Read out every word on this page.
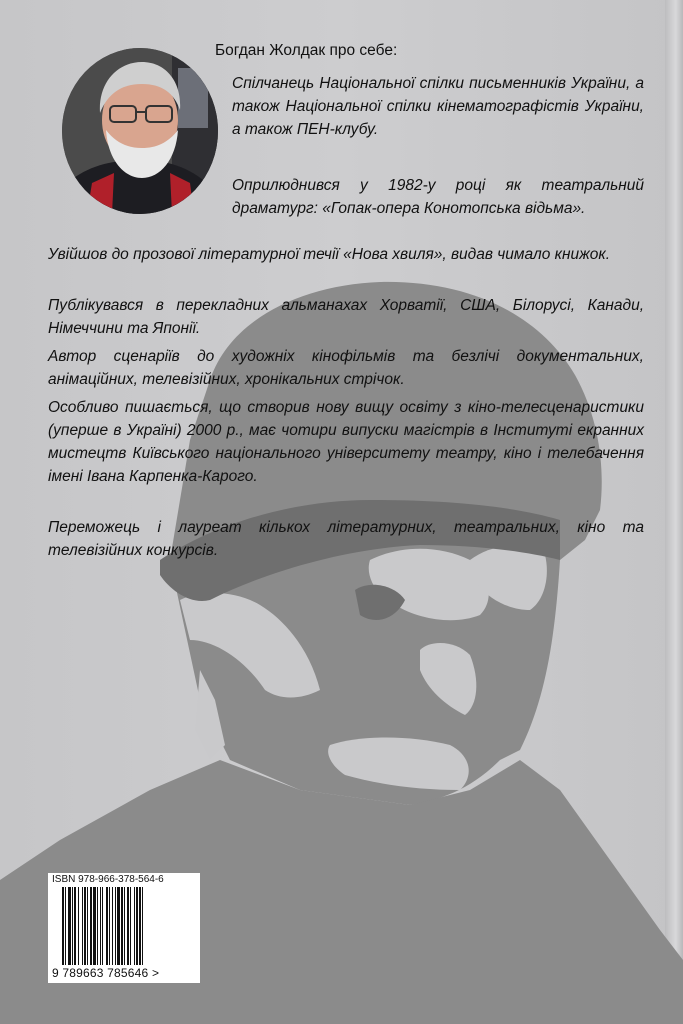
Богдан Жолдак про себе:

Спілчанець Національної спілки письменників України, а також Національної спілки кінематографістів України, а також ПЕН-клубу.

Оприлюднився у 1982-у році як театральний драматург: «Гопак-опера Конотопська відьма».

Увійшов до прозової літературної течії «Нова хвиля», видав чимало книжок.

Публікувався в перекладних альманахах Хорватії, США, Білорусі, Канади, Німеччини та Японії.

Автор сценаріїв до художніх кінофільмів та безлічі документальних, анімаційних, телевізійних, хронікальних стрічок.

Особливо пишається, що створив нову вищу освіту з кіно-телесценаристики (уперше в Україні) 2000 р., має чотири випуски магістрів в Інституті екранних мистецтв Київського національного університету театру, кіно і телебачення імені Івана Карпенка-Карого.

Переможець і лауреат кількох літературних, театральних, кіно та телевізійних конкурсів.

ISBN 978-966-378-564-6
9 789663 785646 >
